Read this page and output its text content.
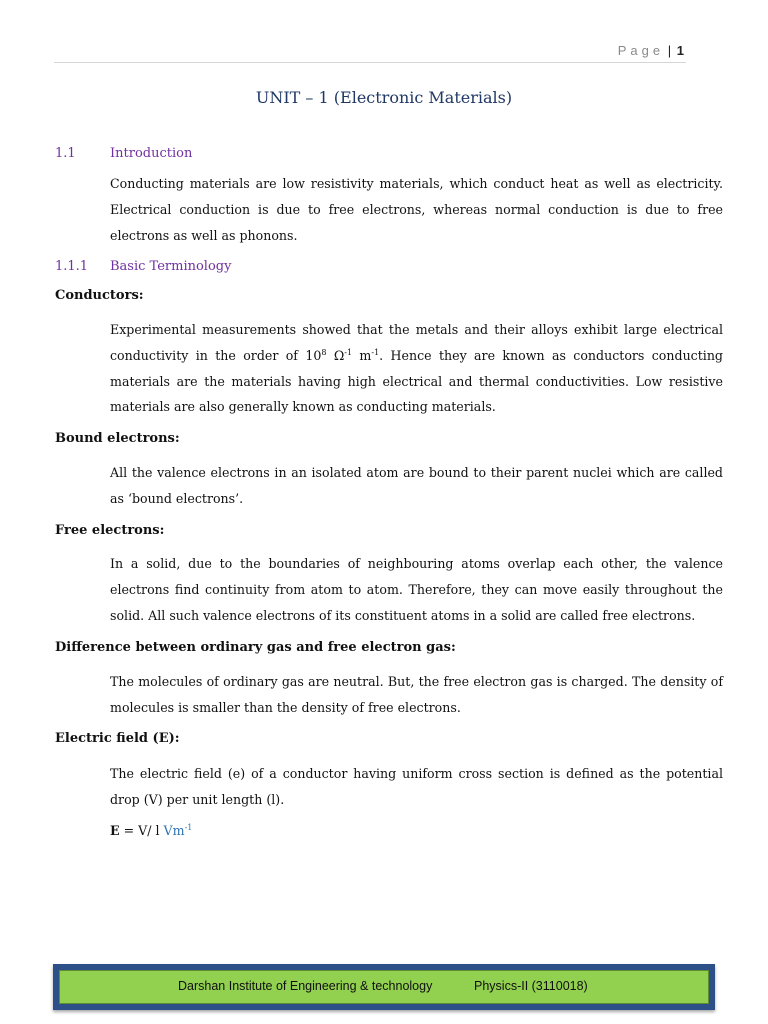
Page | 1
UNIT – 1 (Electronic Materials)
1.1	Introduction
Conducting materials are low resistivity materials, which conduct heat as well as electricity. Electrical conduction is due to free electrons, whereas normal conduction is due to free electrons as well as phonons.
1.1.1 Basic Terminology
Conductors:
Experimental measurements showed that the metals and their alloys exhibit large electrical conductivity in the order of $10^8$ $\Omega^{-1}$ $m^{-1}$. Hence they are known as conductors conducting materials are the materials having high electrical and thermal conductivities. Low resistive materials are also generally known as conducting materials.
Bound electrons:
All the valence electrons in an isolated atom are bound to their parent nuclei which are called as ‘bound electrons’.
Free electrons:
In a solid, due to the boundaries of neighbouring atoms overlap each other, the valence electrons find continuity from atom to atom. Therefore, they can move easily throughout the solid. All such valence electrons of its constituent atoms in a solid are called free electrons.
Difference between ordinary gas and free electron gas:
The molecules of ordinary gas are neutral. But, the free electron gas is charged. The density of molecules is smaller than the density of free electrons.
Electric field (E):
The electric field (e) of a conductor having uniform cross section is defined as the potential drop (V) per unit length (l).
E = V/ l $Vm^{-1}$
Darshan Institute of Engineering & technology	Physics-II (3110018)
